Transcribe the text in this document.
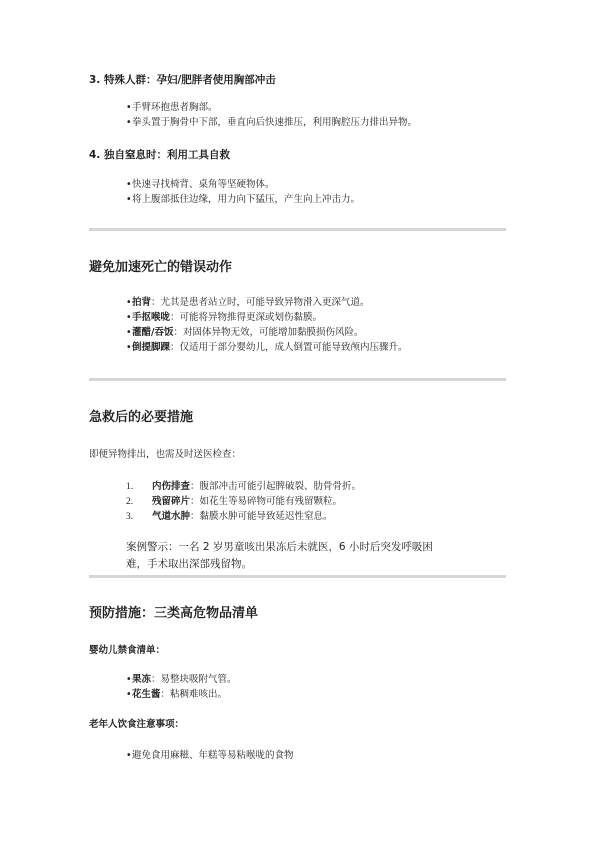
3. 特殊人群：孕妇/肥胖者使用胸部冲击
•手臂环抱患者胸部。
•拳头置于胸骨中下部，垂直向后快速推压，利用胸腔压力排出异物。
4. 独自窒息时：利用工具自救
•快速寻找椅背、桌角等坚硬物体。
•将上腹部抵住边缘，用力向下猛压，产生向上冲击力。
避免加速死亡的错误动作
•拍背：尤其是患者站立时，可能导致异物滑入更深气道。
•手抠喉咙：可能将异物推得更深或划伤黏膜。
•灌醋/吞饭：对固体异物无效，可能增加黏膜损伤风险。
•倒提脚踝：仅适用于部分婴幼儿，成人倒置可能导致颅内压骤升。
急救后的必要措施
即便异物排出，也需及时送医检查：
1. 内伤排查：腹部冲击可能引起脾破裂、肋骨骨折。
2. 残留碎片：如花生等易碎物可能有残留颗粒。
3. 气道水肿：黏膜水肿可能导致延迟性窒息。
案例警示：一名 2 岁男童咳出果冻后未就医，6 小时后突发呼吸困
难，手术取出深部残留物。
预防措施：三类高危物品清单
婴幼儿禁食清单：
•果冻：易整块吸附气管。
•花生酱：粘稠难咳出。
老年人饮食注意事项：
•避免食用麻糍、年糕等易粘喉咙的食物
